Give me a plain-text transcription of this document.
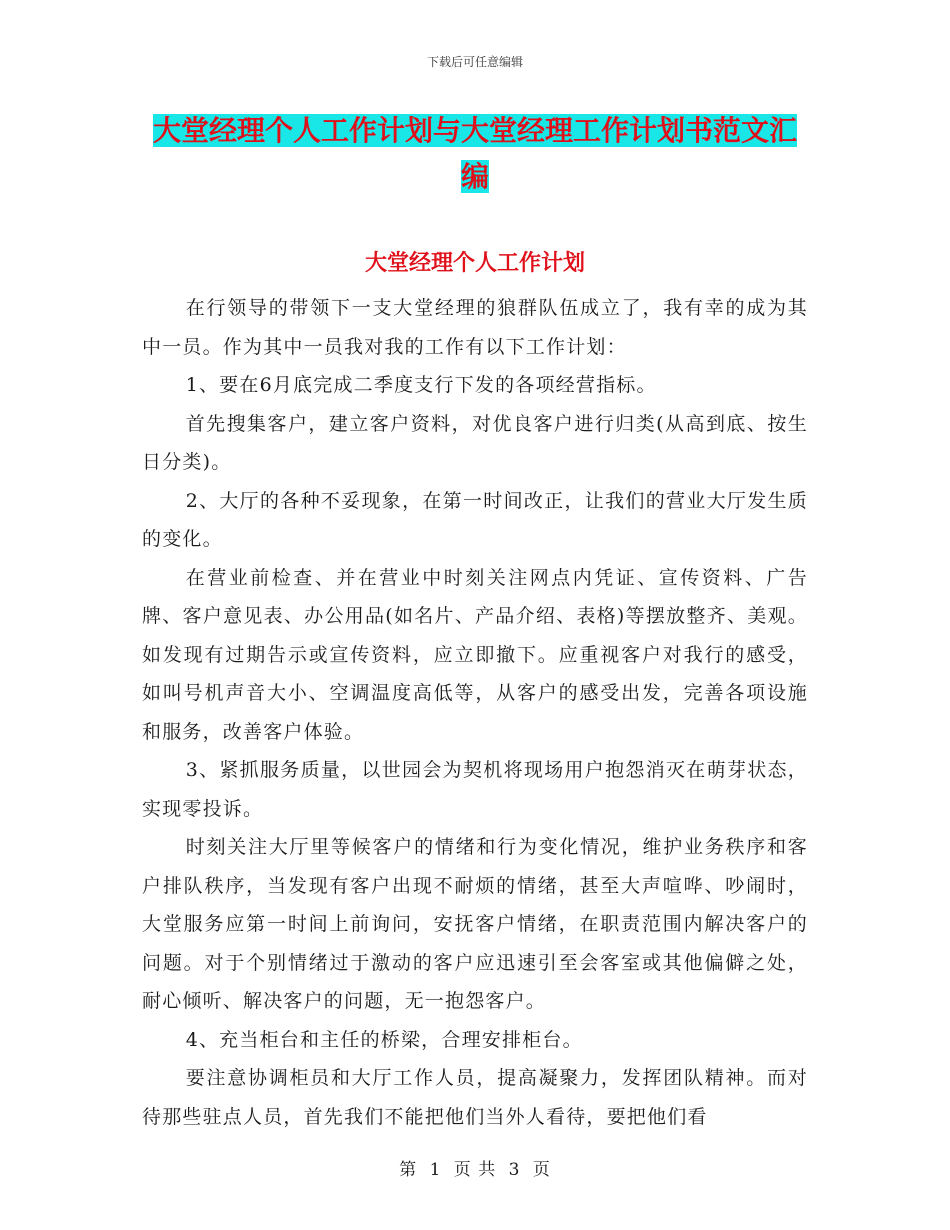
下载后可任意编辑
大堂经理个人工作计划与大堂经理工作计划书范文汇编
大堂经理个人工作计划

在行领导的带领下一支大堂经理的狼群队伍成立了，我有幸的成为其中一员。作为其中一员我对我的工作有以下工作计划：

1、要在6月底完成二季度支行下发的各项经营指标。

首先搜集客户，建立客户资料，对优良客户进行归类(从高到底、按生日分类)。

2、大厅的各种不妥现象，在第一时间改正，让我们的营业大厅发生质的变化。

在营业前检查、并在营业中时刻关注网点内凭证、宣传资料、广告牌、客户意见表、办公用品(如名片、产品介绍、表格)等摆放整齐、美观。如发现有过期告示或宣传资料，应立即撤下。应重视客户对我行的感受，如叫号机声音大小、空调温度高低等，从客户的感受出发，完善各项设施和服务，改善客户体验。

3、紧抓服务质量，以世园会为契机将现场用户抱怨消灭在萌芽状态，实现零投诉。

时刻关注大厅里等候客户的情绪和行为变化情况，维护业务秩序和客户排队秩序，当发现有客户出现不耐烦的情绪，甚至大声喧哗、吵闹时，大堂服务应第一时间上前询问，安抚客户情绪，在职责范围内解决客户的问题。对于个别情绪过于激动的客户应迅速引至会客室或其他偏僻之处，耐心倾听、解决客户的问题，无一抱怨客户。

4、充当柜台和主任的桥梁，合理安排柜台。

要注意协调柜员和大厅工作人员，提高凝聚力，发挥团队精神。而对待那些驻点人员，首先我们不能把他们当外人看待，要把他们看

第 1 页 共 3 页
